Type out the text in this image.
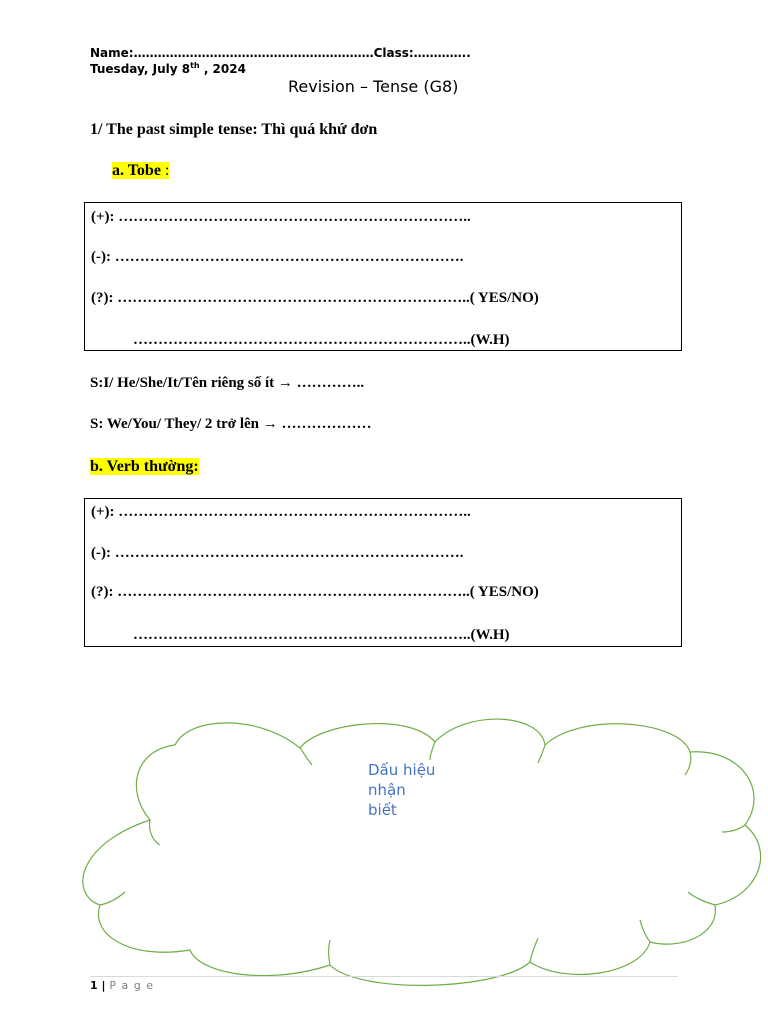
Name:……………………………………………………Class:…………..
Tuesday, July 8th , 2024
Revision – Tense (G8)
1/ The past simple tense: Thì quá khứ đơn
a. Tobe :
(+): ……………………………………………………………..
(-): …………………………………………………………….
(?): ……………………………………………………………..( YES/NO)
…………………………………………………………..(W.H)
S:I/ He/She/It/Tên riêng số ít → …………..
S: We/You/ They/ 2 trở lên → ………………
b. Verb thường:
(+): ……………………………………………………………..
(-): …………………………………………………………….
(?): ……………………………………………………………..( YES/NO)
…………………………………………………………..(W.H)
Dấu hiệu
nhận
biết
1 | P a g e
